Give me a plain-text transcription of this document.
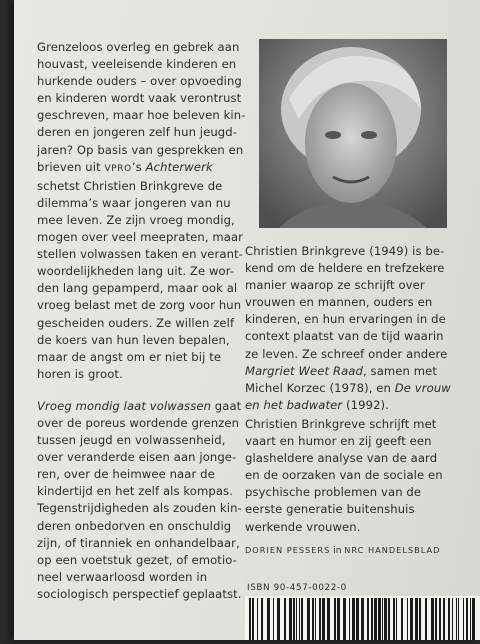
Grenzeloos overleg en gebrek aan
houvast, veeleisende kinderen en
hurkende ouders – over opvoeding
en kinderen wordt vaak verontrust
geschreven, maar hoe beleven kin-
deren en jongeren zelf hun jeugd-
jaren? Op basis van gesprekken en
brieven uit VPRO’s Achterwerk
schetst Christien Brinkgreve de
dilemma’s waar jongeren van nu
mee leven. Ze zijn vroeg mondig,
mogen over veel meepraten, maar
stellen volwassen taken en verant-
woordelijkheden lang uit. Ze wor-
den lang gepamperd, maar ook al
vroeg belast met de zorg voor hun
gescheiden ouders. Ze willen zelf
de koers van hun leven bepalen,
maar de angst om er niet bij te
horen is groot.
Vroeg mondig laat volwassen gaat
over de poreus wordende grenzen
tussen jeugd en volwassenheid,
over veranderde eisen aan jonge-
ren, over de heimwee naar de
kindertijd en het zelf als kompas.
Tegenstrijdigheden als zouden kin-
deren onbedorven en onschuldig
zijn, of tiranniek en onhandelbaar,
op een voetstuk gezet, of emotio-
neel verwaarloosd worden in
sociologisch perspectief geplaatst.
Christien Brinkgreve (1949) is be-
kend om de heldere en trefzekere
manier waarop ze schrijft over
vrouwen en mannen, ouders en
kinderen, en hun ervaringen in de
context plaatst van de tijd waarin
ze leven. Ze schreef onder andere
Margriet Weet Raad, samen met
Michel Korzec (1978), en De vrouw
en het badwater (1992).
Christien Brinkgreve schrijft met
vaart en humor en zij geeft een
glasheldere analyse van de aard
en de oorzaken van de sociale en
psychische problemen van de
eerste generatie buitenshuis
werkende vrouwen.
DORIEN PESSERS in NRC HANDELSBLAD
ISBN 90-457-0022-0
